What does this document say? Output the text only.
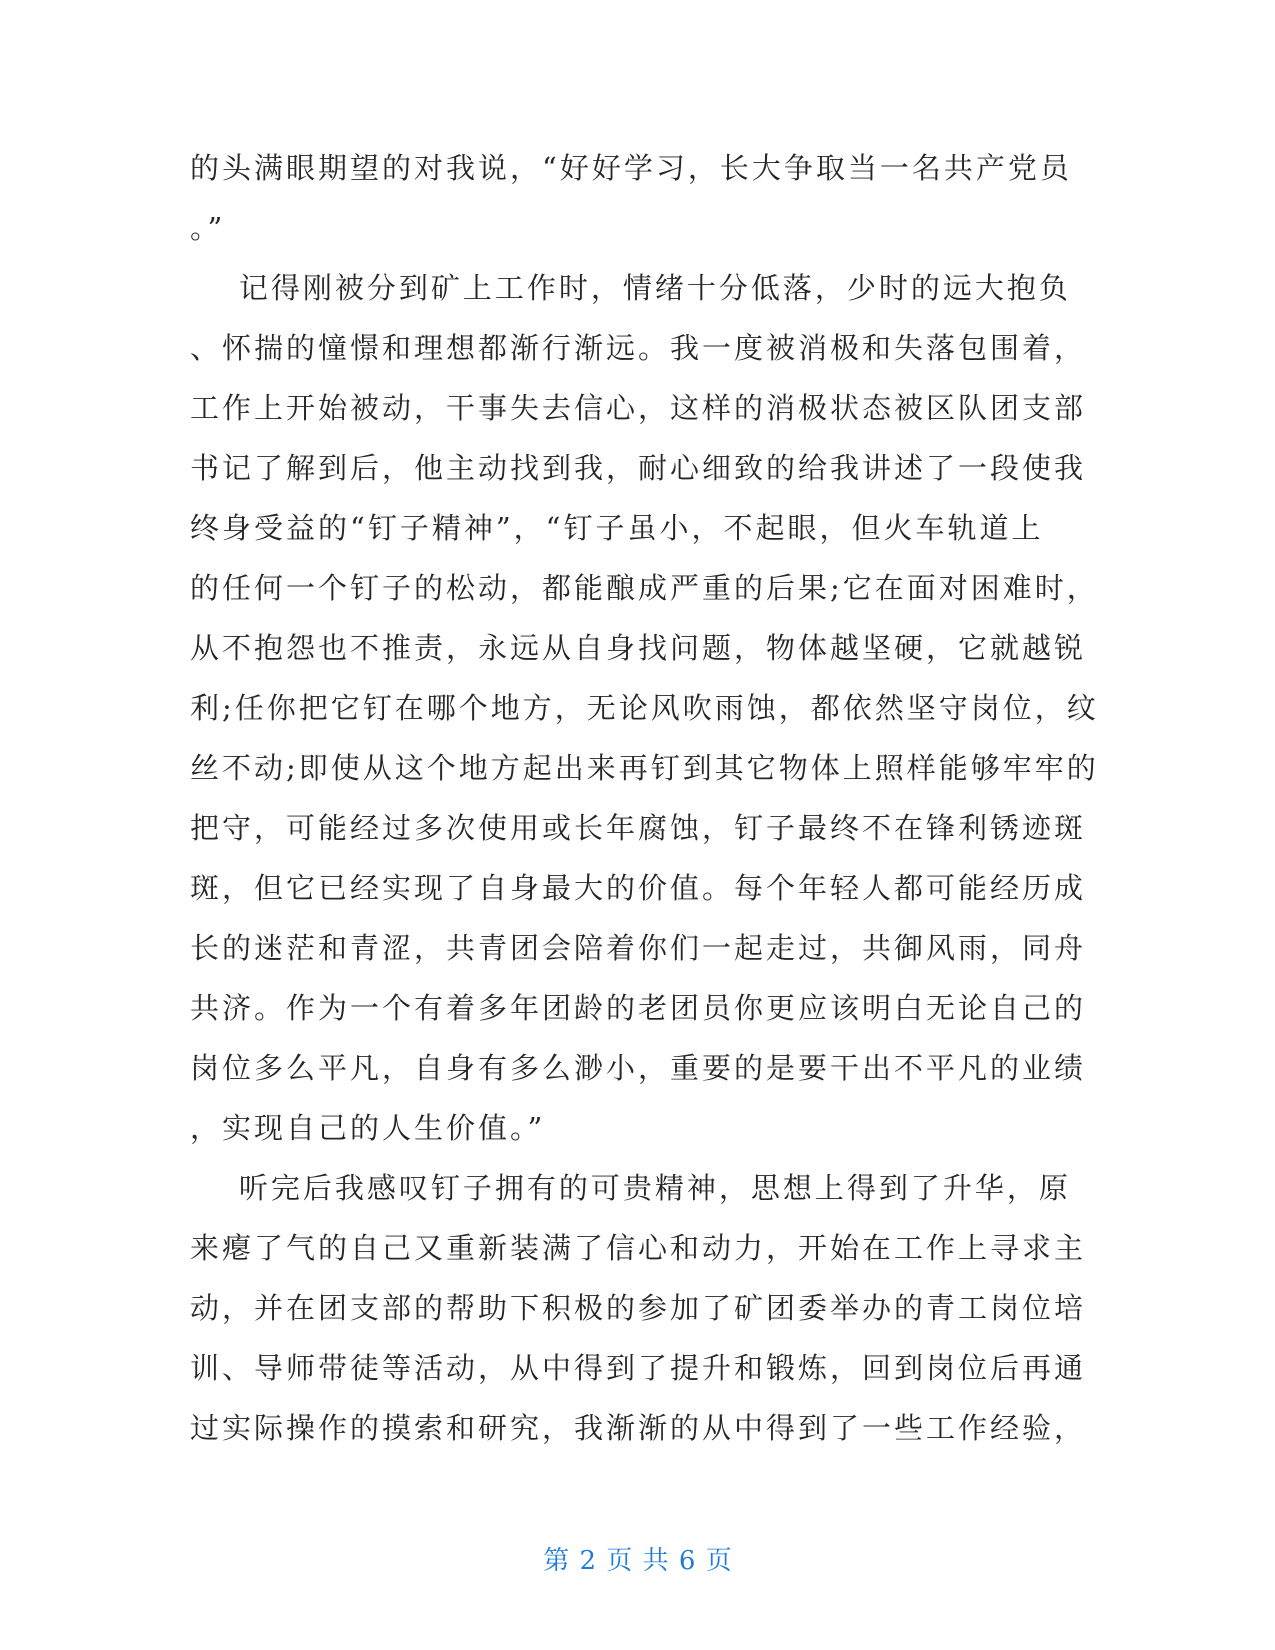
的头满眼期望的对我说，“好好学习，长大争取当一名共产党员
。”
记得刚被分到矿上工作时，情绪十分低落，少时的远大抱负
、怀揣的憧憬和理想都渐行渐远。我一度被消极和失落包围着，
工作上开始被动，干事失去信心，这样的消极状态被区队团支部
书记了解到后，他主动找到我，耐心细致的给我讲述了一段使我
终身受益的“钉子精神”，“钉子虽小，不起眼，但火车轨道上
的任何一个钉子的松动，都能酿成严重的后果;它在面对困难时，
从不抱怨也不推责，永远从自身找问题，物体越坚硬，它就越锐
利;任你把它钉在哪个地方，无论风吹雨蚀，都依然坚守岗位，纹
丝不动;即使从这个地方起出来再钉到其它物体上照样能够牢牢的
把守，可能经过多次使用或长年腐蚀，钉子最终不在锋利锈迹斑
斑，但它已经实现了自身最大的价值。每个年轻人都可能经历成
长的迷茫和青涩，共青团会陪着你们一起走过，共御风雨，同舟
共济。作为一个有着多年团龄的老团员你更应该明白无论自己的
岗位多么平凡，自身有多么渺小，重要的是要干出不平凡的业绩
，实现自己的人生价值。”
听完后我感叹钉子拥有的可贵精神，思想上得到了升华，原
来瘪了气的自己又重新装满了信心和动力，开始在工作上寻求主
动，并在团支部的帮助下积极的参加了矿团委举办的青工岗位培
训、导师带徒等活动，从中得到了提升和锻炼，回到岗位后再通
过实际操作的摸索和研究，我渐渐的从中得到了一些工作经验，
第 2 页 共 6 页
